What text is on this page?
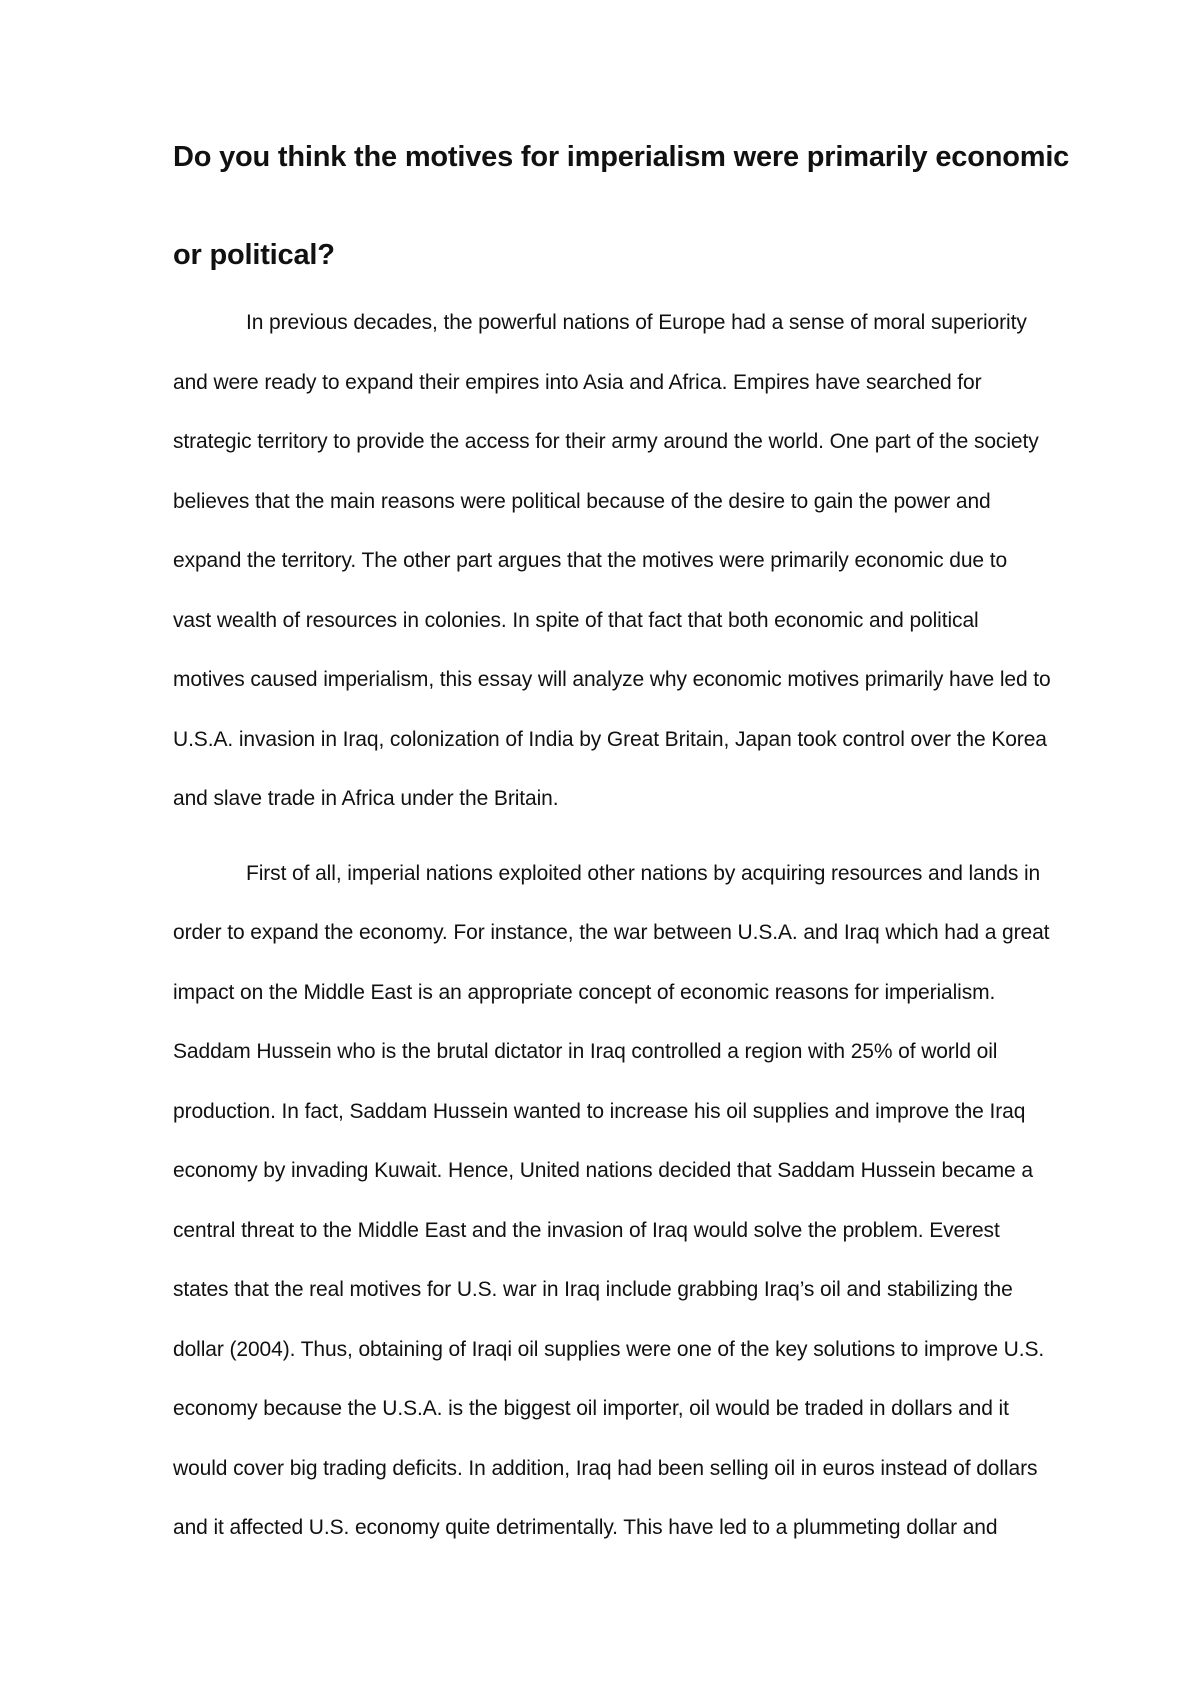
Do you think the motives for imperialism were primarily economic or political?

In previous decades, the powerful nations of Europe had a sense of moral superiority

and were ready to expand their empires into Asia and Africa. Empires have searched for

strategic territory to provide the access for their army around the world. One part of the society

believes that the main reasons were political because of the desire to gain the power and

expand the territory. The other part argues that the motives were primarily economic due to

vast wealth of resources in colonies. In spite of that fact that both economic and political

motives caused imperialism, this essay will analyze why economic motives primarily have led to

U.S.A. invasion in Iraq, colonization of India by Great Britain, Japan took control over the Korea

and slave trade in Africa under the Britain.

First of all, imperial nations exploited other nations by acquiring resources and lands in

order to expand the economy. For instance, the war between U.S.A. and Iraq which had a great

impact on the Middle East is an appropriate concept of economic reasons for imperialism.

Saddam Hussein who is the brutal dictator in Iraq controlled a region with 25% of world oil

production. In fact, Saddam Hussein wanted to increase his oil supplies and improve the Iraq

economy by invading Kuwait. Hence, United nations decided that Saddam Hussein became a

central threat to the Middle East and the invasion of Iraq would solve the problem. Everest

states that the real motives for U.S. war in Iraq include grabbing Iraq’s oil and stabilizing the

dollar (2004). Thus, obtaining of Iraqi oil supplies were one of the key solutions to improve U.S.

economy because the U.S.A. is the biggest oil importer, oil would be traded in dollars and it

would cover big trading deficits. In addition, Iraq had been selling oil in euros instead of dollars

and it affected U.S. economy quite detrimentally. This have led to a plummeting dollar and
